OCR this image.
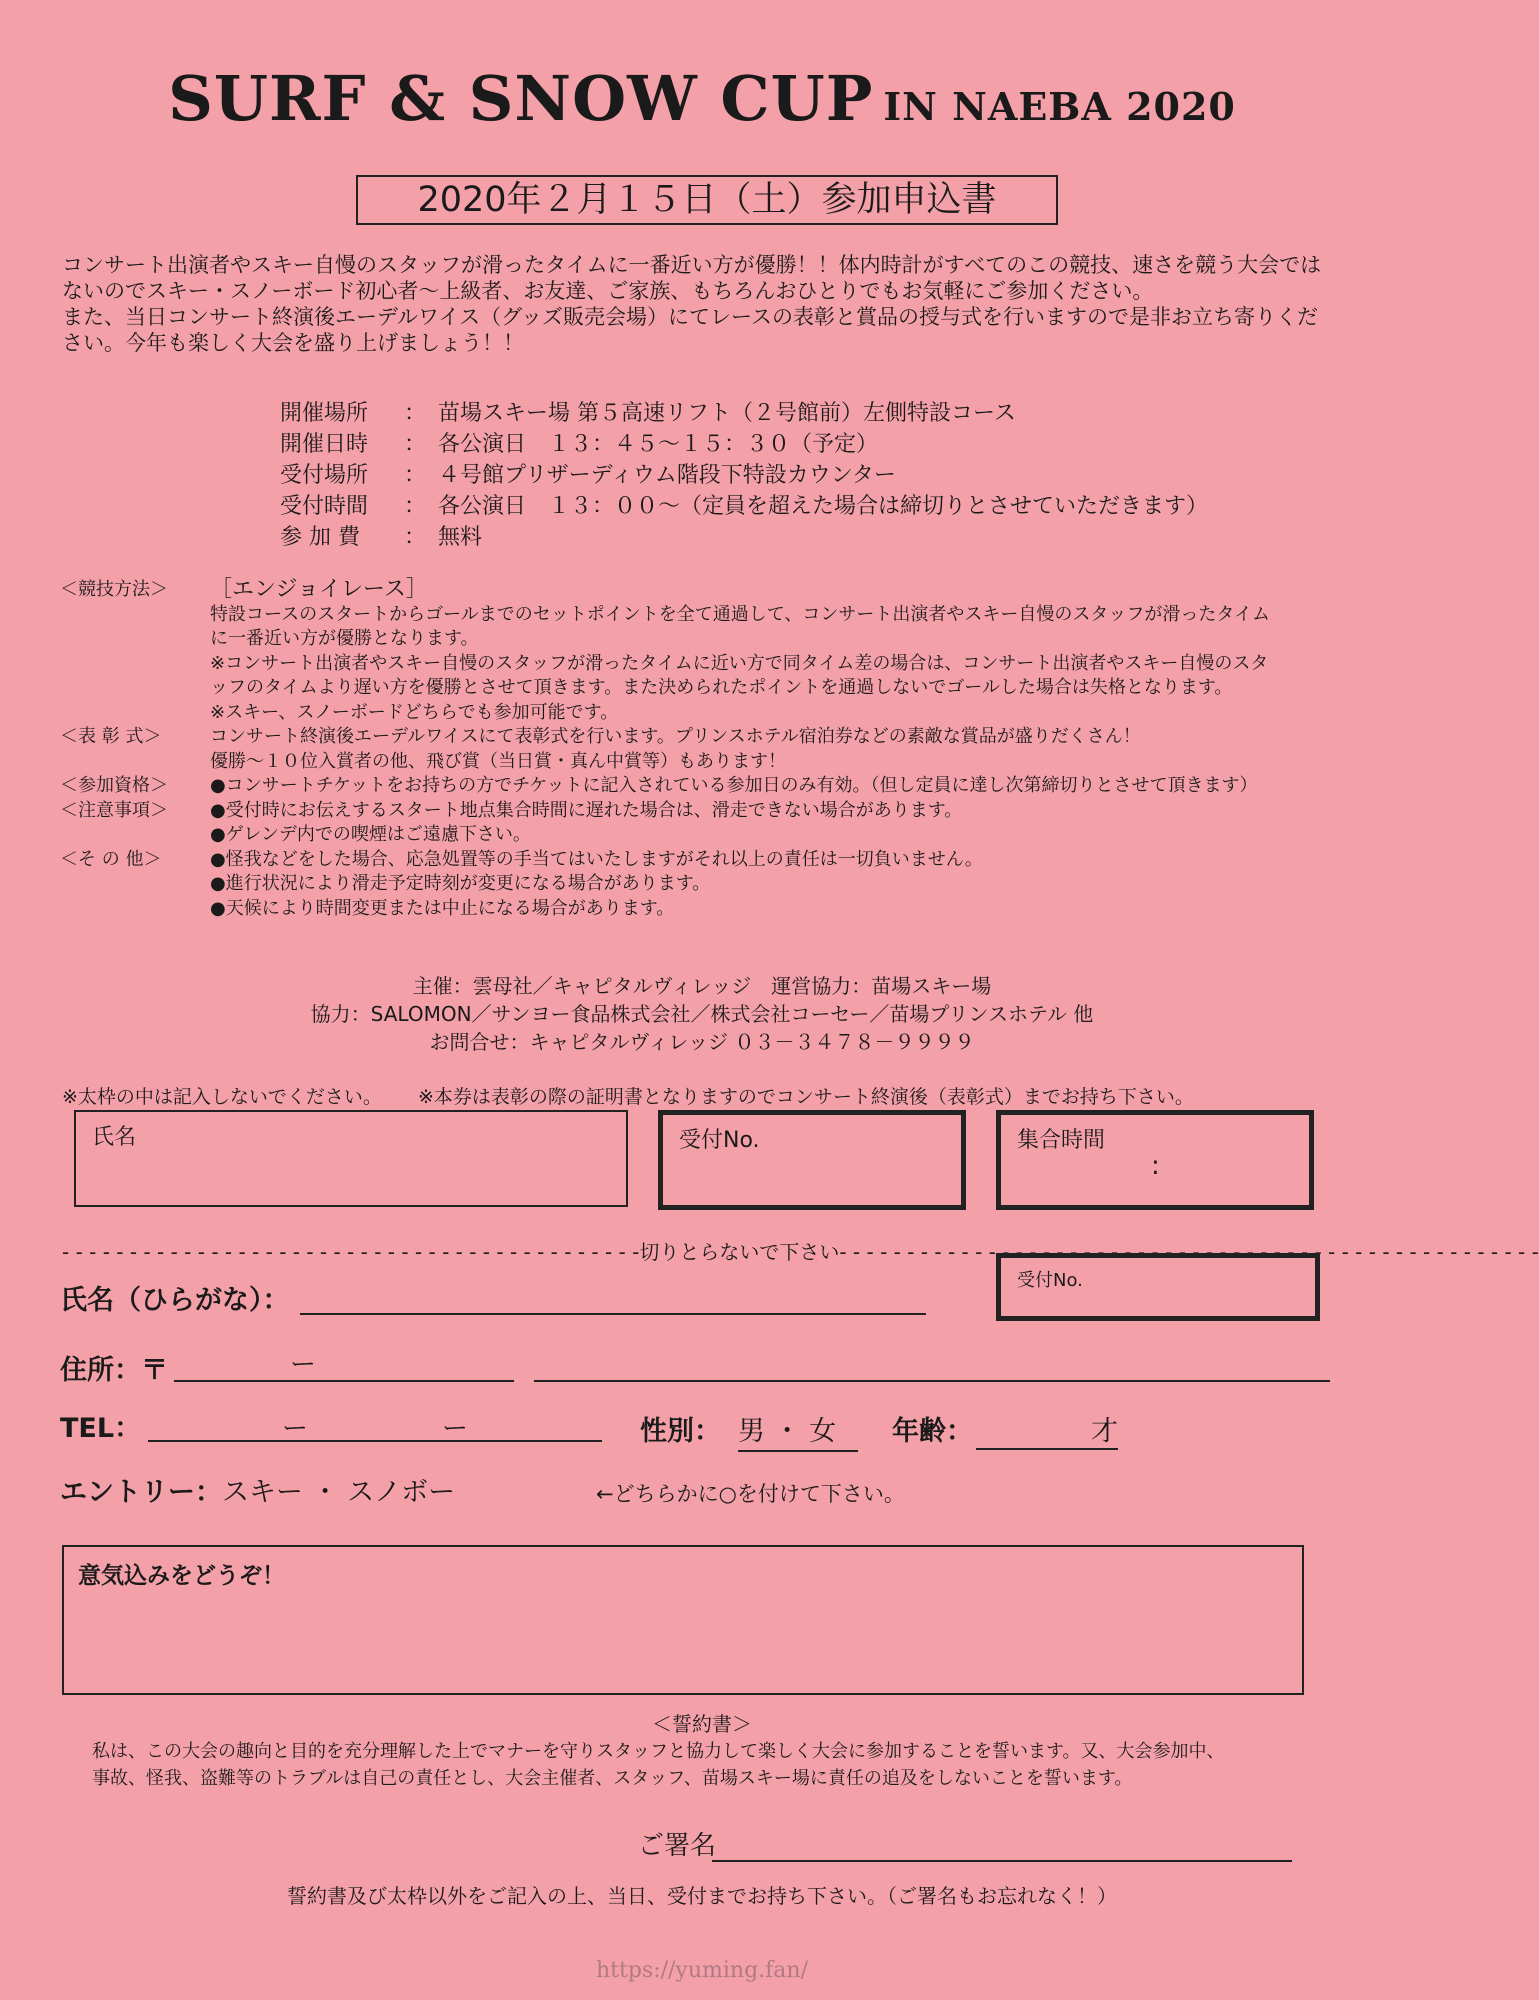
SURF & SNOW CUP IN NAEBA 2020
2020年２月１５日（土）参加申込書
コンサート出演者やスキー自慢のスタッフが滑ったタイムに一番近い方が優勝！！体内時計がすべてのこの競技、速さを競う大会では
ないのでスキー・スノーボード初心者～上級者、お友達、ご家族、もちろんおひとりでもお気軽にご参加ください。
また、当日コンサート終演後エーデルワイス（グッズ販売会場）にてレースの表彰と賞品の授与式を行いますので是非お立ち寄りくだ
さい。今年も楽しく大会を盛り上げましょう！！
開催場所	： 苗場スキー場 第５高速リフト（２号館前）左側特設コース
開催日時	： 各公演日　１３：４５～１５：３０（予定）
受付場所	： ４号館プリザーディウム階段下特設カウンター
受付時間	： 各公演日　１３：００～（定員を超えた場合は締切りとさせていただきます）
参 加 費	： 無料
＜競技方法＞	［エンジョイレース］
特設コースのスタートからゴールまでのセットポイントを全て通過して、コンサート出演者やスキー自慢のスタッフが滑ったタイム
に一番近い方が優勝となります。
※コンサート出演者やスキー自慢のスタッフが滑ったタイムに近い方で同タイム差の場合は、コンサート出演者やスキー自慢のスタ
ッフのタイムより遅い方を優勝とさせて頂きます。また決められたポイントを通過しないでゴールした場合は失格となります。
※スキー、スノーボードどちらでも参加可能です。
＜表 彰 式＞	コンサート終演後エーデルワイスにて表彰式を行います。プリンスホテル宿泊券などの素敵な賞品が盛りだくさん！
優勝～１０位入賞者の他、飛び賞（当日賞・真ん中賞等）もあります！
＜参加資格＞	●コンサートチケットをお持ちの方でチケットに記入されている参加日のみ有効。（但し定員に達し次第締切りとさせて頂きます）
＜注意事項＞	●受付時にお伝えするスタート地点集合時間に遅れた場合は、滑走できない場合があります。
●ゲレンデ内での喫煙はご遠慮下さい。
＜そ の 他＞	●怪我などをした場合、応急処置等の手当てはいたしますがそれ以上の責任は一切負いません。
●進行状況により滑走予定時刻が変更になる場合があります。
●天候により時間変更または中止になる場合があります。
主催：雲母社／キャピタルヴィレッジ　運営協力：苗場スキー場
協力：SALOMON／サンヨー食品株式会社／株式会社コーセー／苗場プリンスホテル 他
お問合せ：キャピタルヴィレッジ ０３－３４７８－９９９９
※太枠の中は記入しないでください。 ※本券は表彰の際の証明書となりますのでコンサート終演後（表彰式）までお持ち下さい。
氏名	受付No.	集合時間
:
- - - - - - - - - - - - - - - - - - - - - - - - - - - - - - - - - - - - - - - - - - -切りとらないで下さい- - - - - - - - - - - - - - - - - - - - - - - - - - - - - - - - - - - - - - - - - - - - - - - - - - - -
氏名（ひらがな）：
受付No.
住所：〒	ー
TEL：	ー	ー	性別： 男 ・ 女	年齢：	才
エントリー：スキー ・ スノボー	←どちらかに○を付けて下さい。
意気込みをどうぞ！
＜誓約書＞
私は、この大会の趣向と目的を充分理解した上でマナーを守りスタッフと協力して楽しく大会に参加することを誓います。又、大会参加中、
事故、怪我、盗難等のトラブルは自己の責任とし、大会主催者、スタッフ、苗場スキー場に責任の追及をしないことを誓います。
ご署名
誓約書及び太枠以外をご記入の上、当日、受付までお持ち下さい。（ご署名もお忘れなく！）
https://yuming.fan/
